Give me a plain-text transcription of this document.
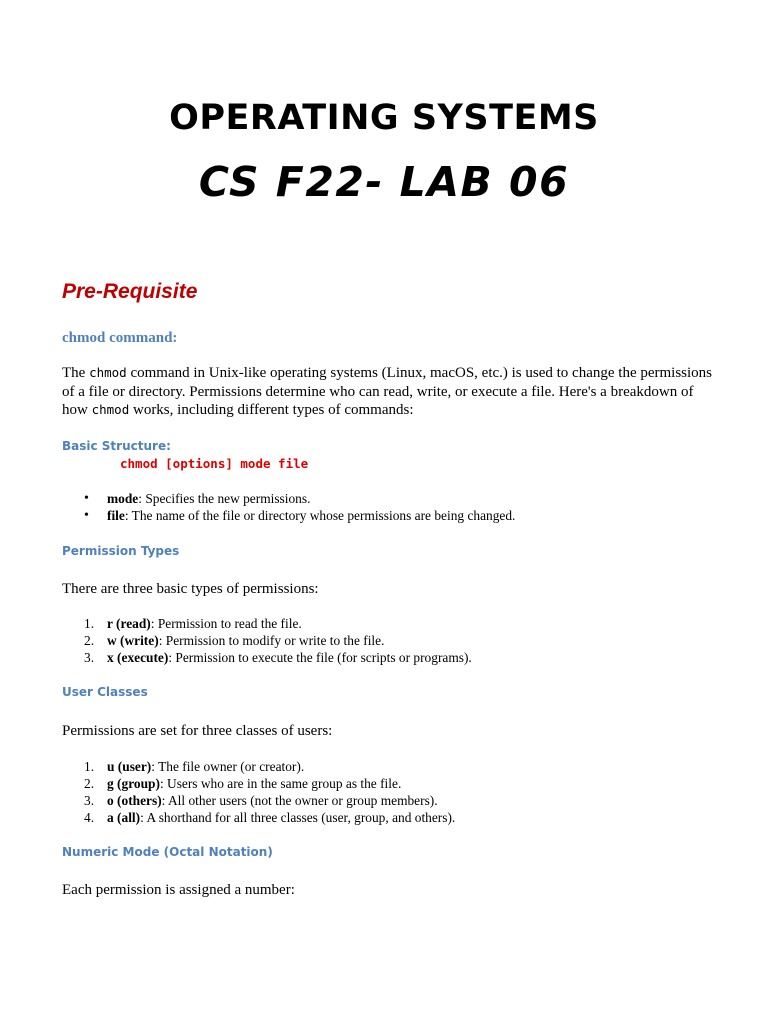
OPERATING SYSTEMS
CS F22- LAB 06
Pre-Requisite
chmod command:

The chmod command in Unix-like operating systems (Linux, macOS, etc.) is used to change the permissions of a file or directory. Permissions determine who can read, write, or execute a file. Here's a breakdown of how chmod works, including different types of commands:

Basic Structure:
chmod [options] mode file
• mode: Specifies the new permissions.
• file: The name of the file or directory whose permissions are being changed.
Permission Types

There are three basic types of permissions:

1. r (read): Permission to read the file.
2. w (write): Permission to modify or write to the file.
3. x (execute): Permission to execute the file (for scripts or programs).
User Classes

Permissions are set for three classes of users:

1. u (user): The file owner (or creator).
2. g (group): Users who are in the same group as the file.
3. o (others): All other users (not the owner or group members).
4. a (all): A shorthand for all three classes (user, group, and others).
Numeric Mode (Octal Notation)

Each permission is assigned a number:
